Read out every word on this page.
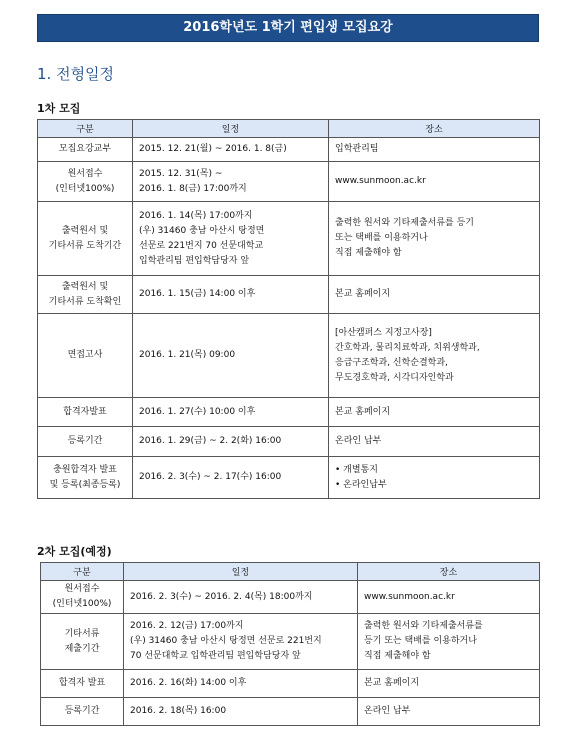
2016학년도 1학기 편입생 모집요강
1. 전형일정
1차 모집
구분	일정	장소

모집요강교부	2015. 12. 21(월) ~ 2016. 1. 8(금)	입학관리팀

원서접수
(인터넷100%)	2015. 12. 31(목) ~
2016. 1. 8(금) 17:00까지	www.sunmoon.ac.kr

출력원서 및
기타서류 도착기간	2016. 1. 14(목) 17:00까지
(우) 31460 충남 아산시 탕정면
선문로 221번지 70 선문대학교
입학관리팀 편입학담당자 앞	출력한 원서와 기타제출서류를 등기
또는 택배를 이용하거나
직접 제출해야 함

출력원서 및
기타서류 도착확인	2016. 1. 15(금) 14:00 이후	본교 홈페이지

면접고사	2016. 1. 21(목) 09:00	[아산캠퍼스 지정고사장]
간호학과, 물리치료학과, 치위생학과,
응급구조학과, 신학순결학과,
무도경호학과, 시각디자인학과

합격자발표	2016. 1. 27(수) 10:00 이후	본교 홈페이지

등록기간	2016. 1. 29(금) ~ 2. 2(화) 16:00	온라인 납부

충원합격자 발표
및 등록(최종등록)	2016. 2. 3(수) ~ 2. 17(수) 16:00	• 개별통지
• 온라인납부
2차 모집(예정)
구분	일정	장소

원서접수
(인터넷100%)	2016. 2. 3(수) ~ 2016. 2. 4(목) 18:00까지	www.sunmoon.ac.kr

기타서류
제출기간	2016. 2. 12(금) 17:00까지
(우) 31460 충남 아산시 탕정면 선문로 221번지
70 선문대학교 입학관리팀 편입학담당자 앞	출력한 원서와 기타제출서류를
등기 또는 택배를 이용하거나
직접 제출해야 함

합격자 발표	2016. 2. 16(화) 14:00 이후	본교 홈페이지

등록기간	2016. 2. 18(목) 16:00	온라인 납부
